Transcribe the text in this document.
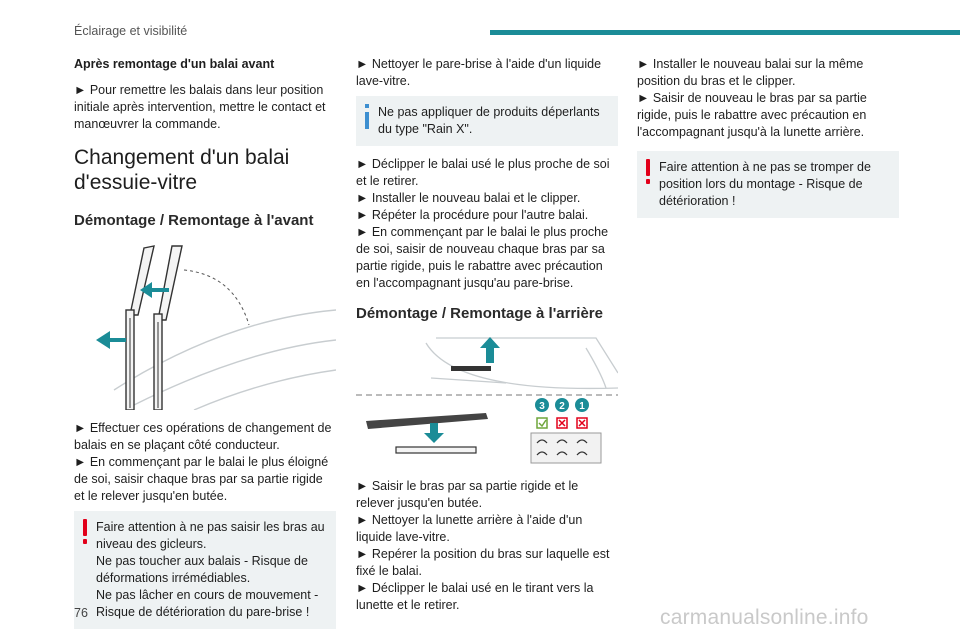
Éclairage et visibilité
Après remontage d'un balai avant
► Pour remettre les balais dans leur position initiale après intervention, mettre le contact et manœuvrer la commande.
Changement d'un balai d'essuie-vitre
Démontage / Remontage à l'avant
► Effectuer ces opérations de changement de balais en se plaçant côté conducteur.
► En commençant par le balai le plus éloigné de soi, saisir chaque bras par sa partie rigide et le relever jusqu'en butée.
Faire attention à ne pas saisir les bras au niveau des gicleurs.
Ne pas toucher aux balais - Risque de déformations irrémédiables.
Ne pas lâcher en cours de mouvement - Risque de détérioration du pare-brise !
► Nettoyer le pare-brise à l'aide d'un liquide lave-vitre.
Ne pas appliquer de produits déperlants du type "Rain X".
► Déclipper le balai usé le plus proche de soi et le retirer.
► Installer le nouveau balai et le clipper.
► Répéter la procédure pour l'autre balai.
► En commençant par le balai le plus proche de soi, saisir de nouveau chaque bras par sa partie rigide, puis le rabattre avec précaution en l'accompagnant jusqu'au pare-brise.
Démontage / Remontage à l'arrière
3 2 1
► Saisir le bras par sa partie rigide et le relever jusqu'en butée.
► Nettoyer la lunette arrière à l'aide d'un liquide lave-vitre.
► Repérer la position du bras sur laquelle est fixé le balai.
► Déclipper le balai usé en le tirant vers la lunette et le retirer.
► Installer le nouveau balai sur la même position du bras et le clipper.
► Saisir de nouveau le bras par sa partie rigide, puis le rabattre avec précaution en l'accompagnant jusqu'à la lunette arrière.
Faire attention à ne pas se tromper de position lors du montage - Risque de détérioration !
76	carmanualsonline.info
